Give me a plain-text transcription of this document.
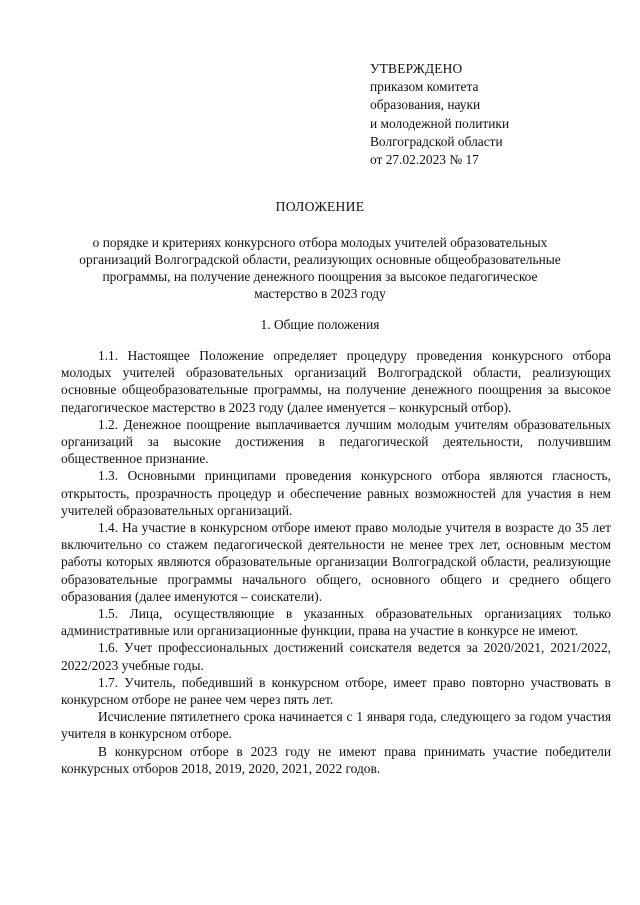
УТВЕРЖДЕНО
приказом комитета
образования, науки
и молодежной политики
Волгоградской области
от 27.02.2023 № 17
ПОЛОЖЕНИЕ
о порядке и критериях конкурсного отбора молодых учителей образовательных
организаций Волгоградской области, реализующих основные общеобразовательные
программы, на получение денежного поощрения за высокое педагогическое
мастерство в 2023 году
1. Общие положения

1.1. Настоящее Положение определяет процедуру проведения конкурсного отбора молодых учителей образовательных организаций Волгоградской области, реализующих основные общеобразовательные программы, на получение денежного поощрения за высокое педагогическое мастерство в 2023 году (далее именуется – конкурсный отбор).

1.2. Денежное поощрение выплачивается лучшим молодым учителям образовательных организаций за высокие достижения в педагогической деятельности, получившим общественное признание.

1.3. Основными принципами проведения конкурсного отбора являются гласность, открытость, прозрачность процедур и обеспечение равных возможностей для участия в нем учителей образовательных организаций.

1.4. На участие в конкурсном отборе имеют право молодые учителя в возрасте до 35 лет включительно со стажем педагогической деятельности не менее трех лет, основным местом работы которых являются образовательные организации Волгоградской области, реализующие образовательные программы начального общего, основного общего и среднего общего образования (далее именуются – соискатели).

1.5. Лица, осуществляющие в указанных образовательных организациях только административные или организационные функции, права на участие в конкурсе не имеют.

1.6. Учет профессиональных достижений соискателя ведется за 2020/2021, 2021/2022, 2022/2023 учебные годы.

1.7. Учитель, победивший в конкурсном отборе, имеет право повторно участвовать в конкурсном отборе не ранее чем через пять лет.

Исчисление пятилетнего срока начинается с 1 января года, следующего за годом участия учителя в конкурсном отборе.

В конкурсном отборе в 2023 году не имеют права принимать участие победители конкурсных отборов 2018, 2019, 2020, 2021, 2022 годов.
